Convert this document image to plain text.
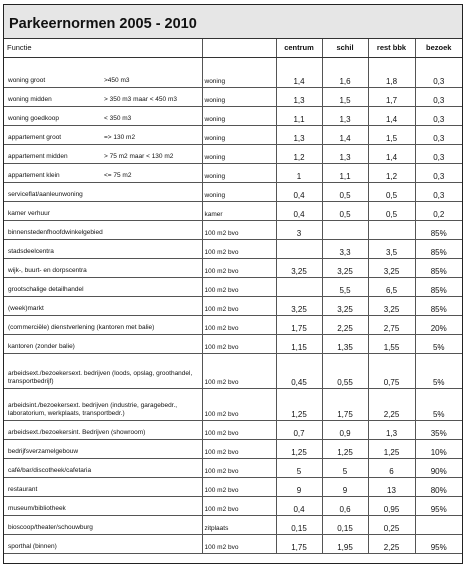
Parkeernormen 2005 - 2010
Functie		centrum	schil	rest bbk	bezoek

woning groot >450 m3	woning	1,4	1,6	1,8	0,3

woning midden > 350 m3 maar < 450 m3	woning	1,3	1,5	1,7	0,3

woning goedkoop < 350 m3	woning	1,1	1,3	1,4	0,3

appartement groot => 130 m2	woning	1,3	1,4	1,5	0,3

appartement midden > 75 m2 maar < 130 m2	woning	1,2	1,3	1,4	0,3

appartement klein <= 75 m2	woning	1	1,1	1,2	0,3

serviceflat/aanleunwoning	woning	0,4	0,5	0,5	0,3

kamer verhuur	kamer	0,4	0,5	0,5	0,2

binnenstedenfhoofdwinkelgebied	100 m2 bvo	3			85%

stadsdeelcentra	100 m2 bvo		3,3	3,5	85%

wijk-, buurt- en dorpscentra	100 m2 bvo	3,25	3,25	3,25	85%

grootschalige detailhandel	100 m2 bvo		5,5	6,5	85%

(week)markt	100 m2 bvo	3,25	3,25	3,25	85%

(commerciële) dienstverlening (kantoren met balie)	100 m2 bvo	1,75	2,25	2,75	20%

kantoren (zonder balie)	100 m2 bvo	1,15	1,35	1,55	5%

arbeidsext./bezoekersext. bedrijven (loods, opslag, groothandel, transportbedrijf)	100 m2 bvo	0,45	0,55	0,75	5%

arbeidsint./bezoekersext. bedrijven (industrie, garagebedr., laboratorium, werkplaats, transportbedr.)	100 m2 bvo	1,25	1,75	2,25	5%

arbeidsext./bezoekersint. Bedrijven (showroom)	100 m2 bvo	0,7	0,9	1,3	35%

bedrijfsverzamelgebouw	100 m2 bvo	1,25	1,25	1,25	10%

café/bar/discotheek/cafetaria	100 m2 bvo	5	5	6	90%

restaurant	100 m2 bvo	9	9	13	80%

museum/bibliotheek	100 m2 bvo	0,4	0,6	0,95	95%

bioscoop/theater/schouwburg	zitplaats	0,15	0,15	0,25	

sporthal (binnen)	100 m2 bvo	1,75	1,95	2,25	95%
